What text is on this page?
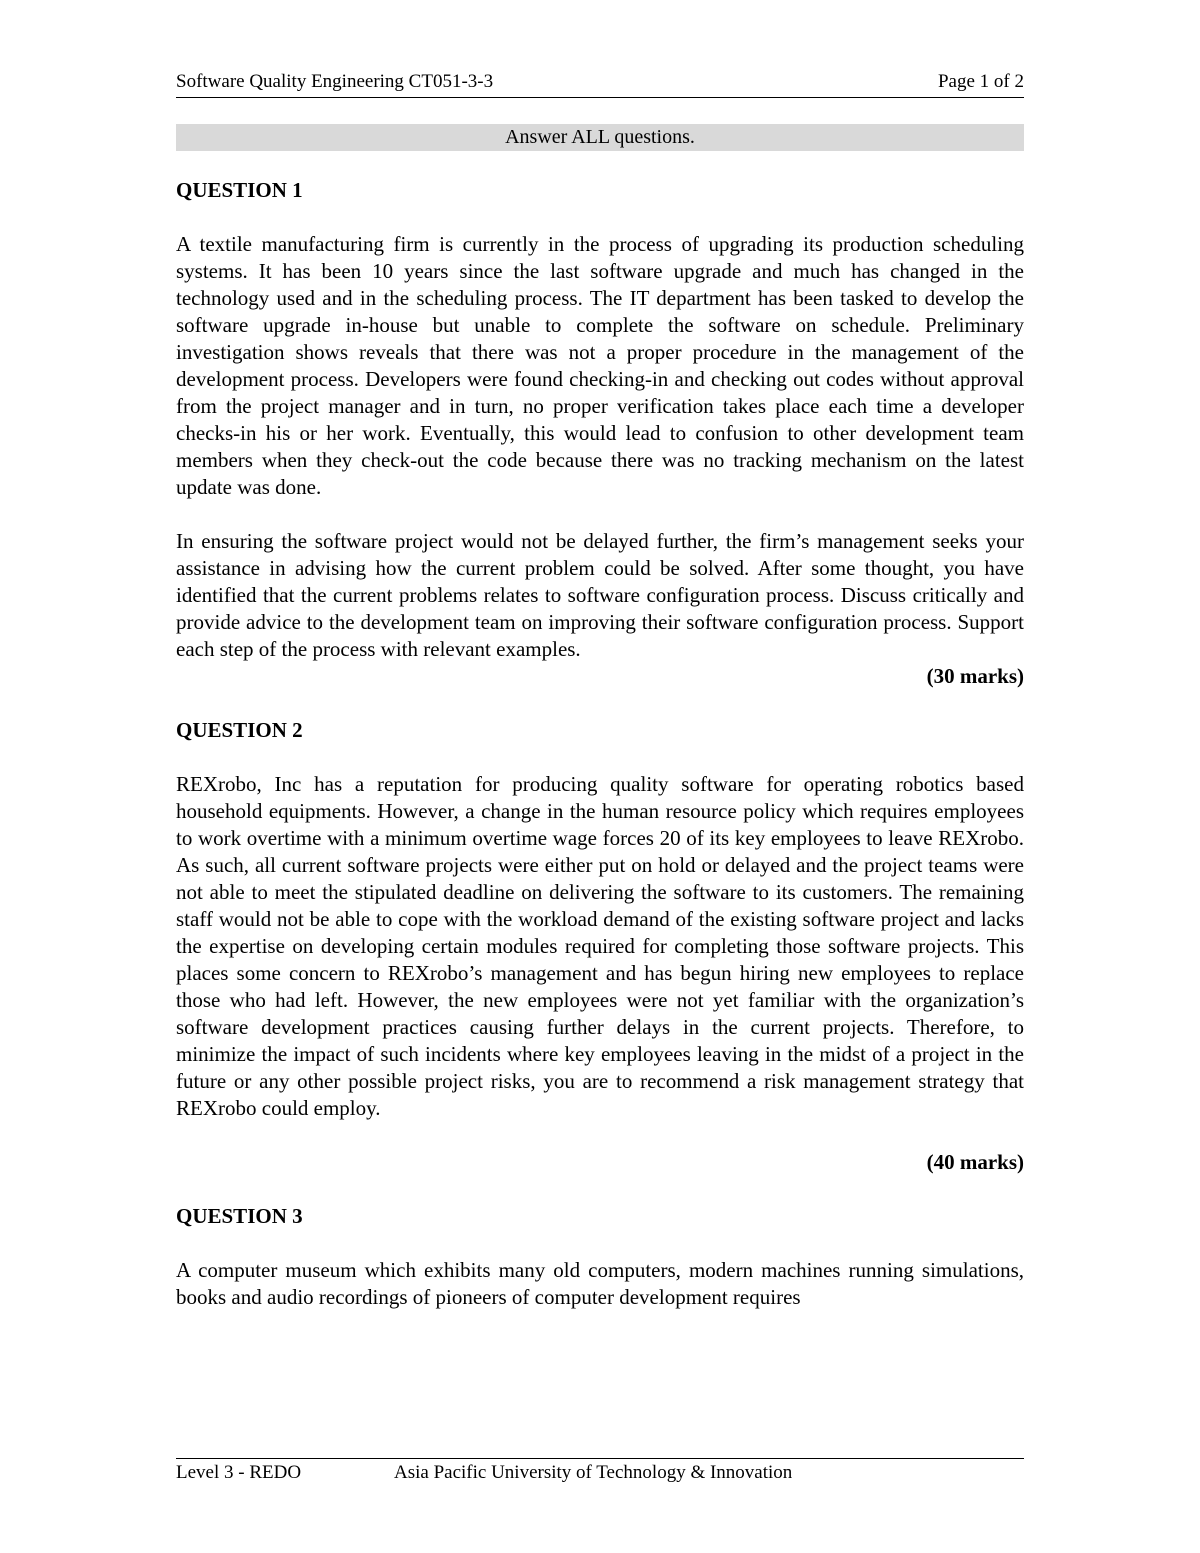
Software Quality Engineering CT051-3-3	Page 1 of 2
Answer ALL questions.
QUESTION 1

A textile manufacturing firm is currently in the process of upgrading its production scheduling systems. It has been 10 years since the last software upgrade and much has changed in the technology used and in the scheduling process. The IT department has been tasked to develop the software upgrade in-house but unable to complete the software on schedule. Preliminary investigation shows reveals that there was not a proper procedure in the management of the development process. Developers were found checking-in and checking out codes without approval from the project manager and in turn, no proper verification takes place each time a developer checks-in his or her work. Eventually, this would lead to confusion to other development team members when they check-out the code because there was no tracking mechanism on the latest update was done.

In ensuring the software project would not be delayed further, the firm’s management seeks your assistance in advising how the current problem could be solved. After some thought, you have identified that the current problems relates to software configuration process. Discuss critically and provide advice to the development team on improving their software configuration process. Support each step of the process with relevant examples.

(30 marks)
QUESTION 2

REXrobo, Inc has a reputation for producing quality software for operating robotics based household equipments. However, a change in the human resource policy which requires employees to work overtime with a minimum overtime wage forces 20 of its key employees to leave REXrobo. As such, all current software projects were either put on hold or delayed and the project teams were not able to meet the stipulated deadline on delivering the software to its customers. The remaining staff would not be able to cope with the workload demand of the existing software project and lacks the expertise on developing certain modules required for completing those software projects. This places some concern to REXrobo’s management and has begun hiring new employees to replace those who had left. However, the new employees were not yet familiar with the organization’s software development practices causing further delays in the current projects. Therefore, to minimize the impact of such incidents where key employees leaving in the midst of a project in the future or any other possible project risks, you are to recommend a risk management strategy that REXrobo could employ.

(40 marks)
QUESTION 3

A computer museum which exhibits many old computers, modern machines running simulations, books and audio recordings of pioneers of computer development requires

Level 3 - REDO	Asia Pacific University of Technology & Innovation
